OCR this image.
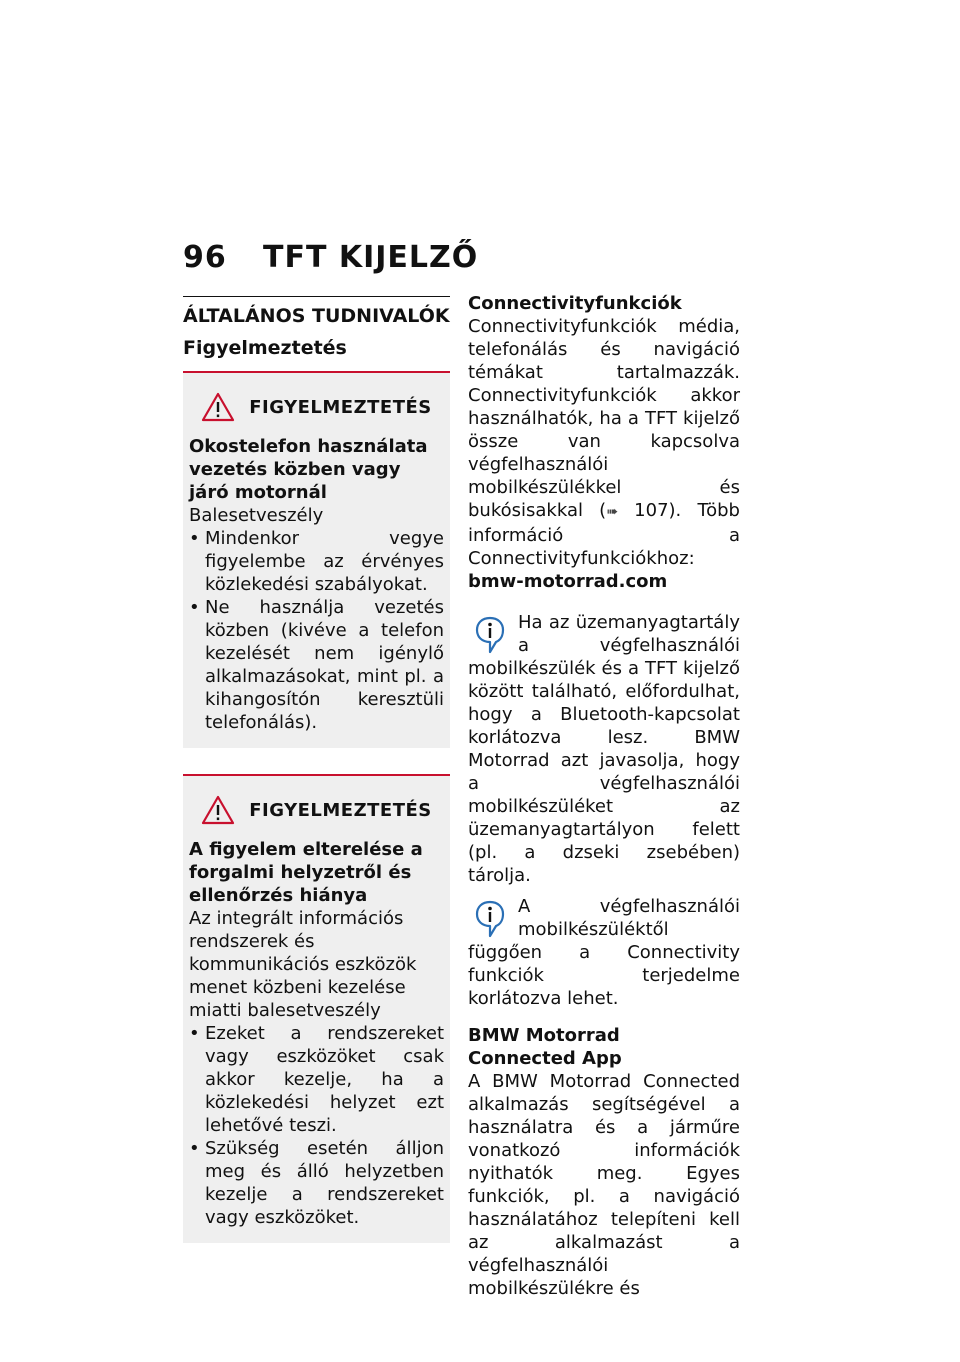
96	TFT KIJELZŐ
ÁLTALÁNOS TUDNIVALÓK
Figyelmeztetés
FIGYELMEZTETÉS
Okostelefon használata vezetés közben vagy járó motornál
Balesetveszély
• Mindenkor vegye figyelembe az érvényes közlekedési szabályokat.
• Ne használja vezetés közben (kivéve a telefon kezelését nem igénylő alkalmazásokat, mint pl. a kihangosítón keresztüli telefonálás).
FIGYELMEZTETÉS
A figyelem elterelése a forgalmi helyzetről és ellenőrzés hiánya
Az integrált információs rendszerek és kommunikációs eszközök menet közbeni kezelése miatti balesetveszély
• Ezeket a rendszereket vagy eszközöket csak akkor kezelje, ha a közlekedési helyzet ezt lehetővé teszi.
• Szükség esetén álljon meg és álló helyzetben kezelje a rendszereket vagy eszközöket.
Connectivityfunkciók
Connectivityfunkciók média, telefonálás és navigáció témákat tartalmazzák. Connectivityfunkciók akkor használhatók, ha a TFT kijelző össze van kapcsolva végfelhasználói mobilkészülékkel és bukósisakkal (➠ 107). Több információ a Connectivityfunkciókhoz:
bmw-motorrad.com
Ha az üzemanyagtartály a végfelhasználói mobilkészülék és a TFT kijelző között található, előfordulhat, hogy a Bluetooth-kapcsolat korlátozva lesz. BMW Motorrad azt javasolja, hogy a végfelhasználói mobilkészüléket az üzemanyagtartályon felett (pl. a dzseki zsebében) tárolja.
A végfelhasználói mobilkészüléktől függően a Connectivity funkciók terjedelme korlátozva lehet.
BMW Motorrad
Connected App
A BMW Motorrad Connected alkalmazás segítségével a használatra és a járműre vonatkozó információk nyithatók meg. Egyes funkciók, pl. a navigáció használatához telepíteni kell az alkalmazást a végfelhasználói mobilkészülékre és
